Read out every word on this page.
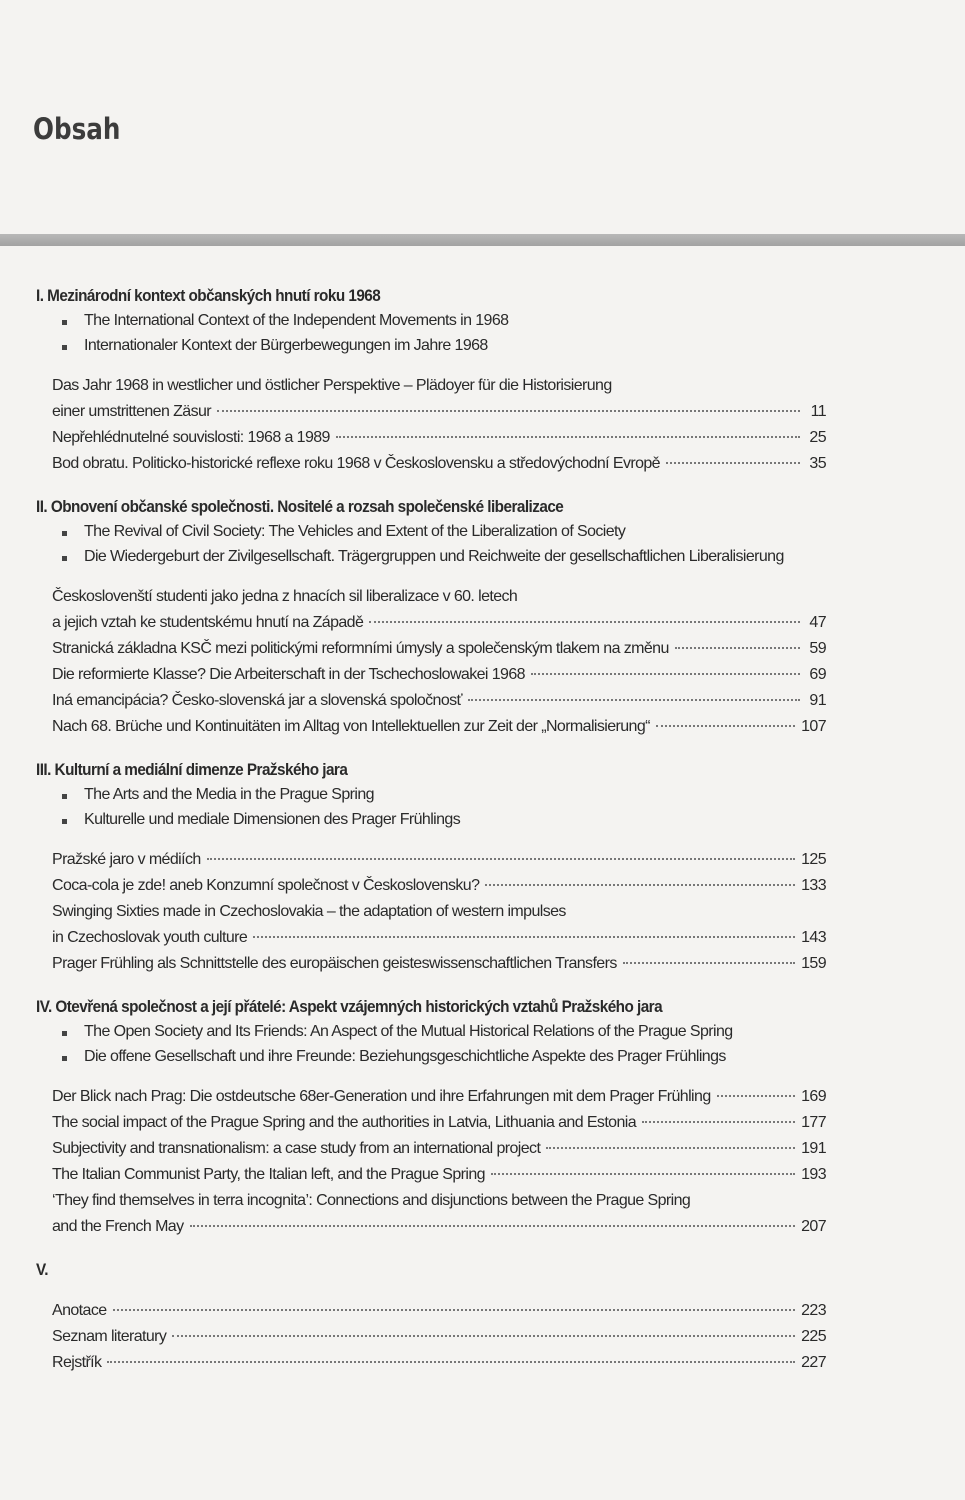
Obsah
I. Mezinárodní kontext občanských hnutí roku 1968
The International Context of the Independent Movements in 1968
Internationaler Kontext der Bürgerbewegungen im Jahre 1968
Das Jahr 1968 in westlicher und östlicher Perspektive – Plädoyer für die Historisierung
einer umstrittenen Zäsur	11
Nepřehlédnutelné souvislosti: 1968 a 1989	25
Bod obratu. Politicko-historické reflexe roku 1968 v Československu a středovýchodní Evropě	35
II. Obnovení občanské společnosti. Nositelé a rozsah společenské liberalizace
The Revival of Civil Society: The Vehicles and Extent of the Liberalization of Society
Die Wiedergeburt der Zivilgesellschaft. Trägergruppen und Reichweite der gesellschaftlichen Liberalisierung
Českoslovenští studenti jako jedna z hnacích sil liberalizace v 60. letech
a jejich vztah ke studentskému hnutí na Západě	47
Stranická základna KSČ mezi politickými reformními úmysly a společenským tlakem na změnu	59
Die reformierte Klasse? Die Arbeiterschaft in der Tschechoslowakei 1968	69
Iná emancipácia? Česko-slovenská jar a slovenská spoločnosť	91
Nach 68. Brüche und Kontinuitäten im Alltag von Intellektuellen zur Zeit der „Normalisierung“	107
III. Kulturní a mediální dimenze Pražského jara
The Arts and the Media in the Prague Spring
Kulturelle und mediale Dimensionen des Prager Frühlings
Pražské jaro v médiích	125
Coca-cola je zde! aneb Konzumní společnost v Československu?	133
Swinging Sixties made in Czechoslovakia – the adaptation of western impulses
in Czechoslovak youth culture	143
Prager Frühling als Schnittstelle des europäischen geisteswissenschaftlichen Transfers	159
IV. Otevřená společnost a její přátelé: Aspekt vzájemných historických vztahů Pražského jara
The Open Society and Its Friends: An Aspect of the Mutual Historical Relations of the Prague Spring
Die offene Gesellschaft und ihre Freunde: Beziehungsgeschichtliche Aspekte des Prager Frühlings
Der Blick nach Prag: Die ostdeutsche 68er-Generation und ihre Erfahrungen mit dem Prager Frühling	169
The social impact of the Prague Spring and the authorities in Latvia, Lithuania and Estonia	177
Subjectivity and transnationalism: a case study from an international project	191
The Italian Communist Party, the Italian left, and the Prague Spring	193
‘They find themselves in terra incognita’: Connections and disjunctions between the Prague Spring
and the French May	207
V.
Anotace	223
Seznam literatury	225
Rejstřík	227
